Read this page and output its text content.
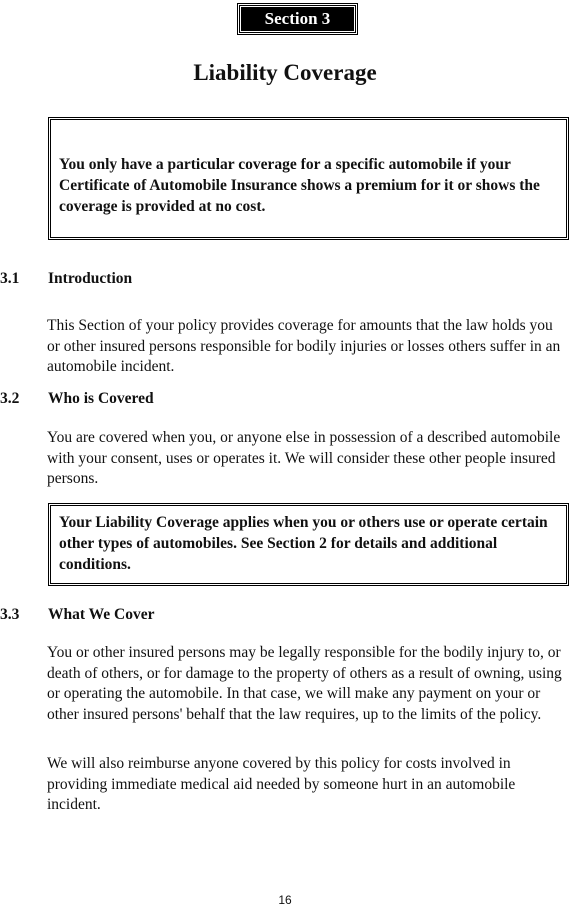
Section 3
Liability Coverage

You only have a particular coverage for a specific automobile if your Certificate of Automobile Insurance shows a premium for it or shows the coverage is provided at no cost.

3.1 Introduction

This Section of your policy provides coverage for amounts that the law holds you or other insured persons responsible for bodily injuries or losses others suffer in an automobile incident.

3.2 Who is Covered

You are covered when you, or anyone else in possession of a described automobile with your consent, uses or operates it. We will consider these other people insured persons.

Your Liability Coverage applies when you or others use or operate certain other types of automobiles. See Section 2 for details and additional conditions.

3.3 What We Cover

You or other insured persons may be legally responsible for the bodily injury to, or death of others, or for damage to the property of others as a result of owning, using or operating the automobile. In that case, we will make any payment on your or other insured persons' behalf that the law requires, up to the limits of the policy.

We will also reimburse anyone covered by this policy for costs involved in providing immediate medical aid needed by someone hurt in an automobile incident.

16
